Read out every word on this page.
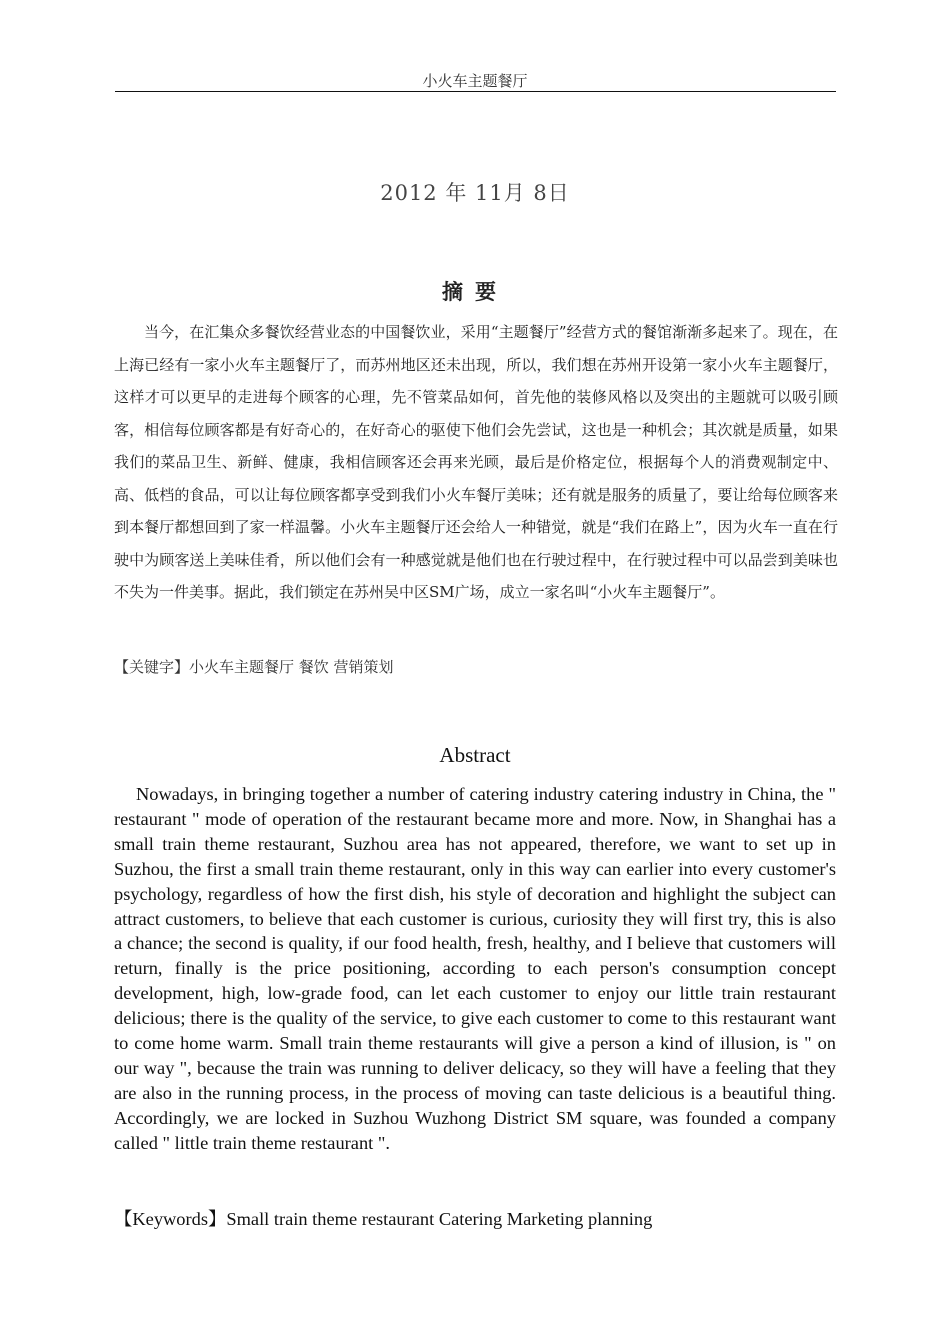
小火车主题餐厅
2012 年 11月 8日
摘要

当今，在汇集众多餐饮经营业态的中国餐饮业，采用“主题餐厅”经营方式的餐馆渐渐多起来了。现在，在上海已经有一家小火车主题餐厅了，而苏州地区还未出现，所以，我们想在苏州开设第一家小火车主题餐厅，这样才可以更早的走进每个顾客的心理，先不管菜品如何，首先他的装修风格以及突出的主题就可以吸引顾客，相信每位顾客都是有好奇心的，在好奇心的驱使下他们会先尝试，这也是一种机会；其次就是质量，如果我们的菜品卫生、新鲜、健康，我相信顾客还会再来光顾，最后是价格定位，根据每个人的消费观制定中、高、低档的食品，可以让每位顾客都享受到我们小火车餐厅美味；还有就是服务的质量了，要让给每位顾客来到本餐厅都想回到了家一样温馨。小火车主题餐厅还会给人一种错觉，就是“我们在路上”，因为火车一直在行驶中为顾客送上美味佳肴，所以他们会有一种感觉就是他们也在行驶过程中，在行驶过程中可以品尝到美味也不失为一件美事。据此，我们锁定在苏州吴中区SM广场，成立一家名叫“小火车主题餐厅”。

【关键字】小火车主题餐厅 餐饮 营销策划
Abstract

Nowadays, in bringing together a number of catering industry catering industry in China, the " restaurant " mode of operation of the restaurant became more and more. Now, in Shanghai has a small train theme restaurant, Suzhou area has not appeared, therefore, we want to set up in Suzhou, the first a small train theme restaurant, only in this way can earlier into every customer's psychology, regardless of how the first dish, his style of decoration and highlight the subject can attract customers, to believe that each customer is curious, curiosity they will first try, this is also a chance; the second is quality, if our food health, fresh, healthy, and I believe that customers will return, finally is the price positioning, according to each person's consumption concept development, high, low-grade food, can let each customer to enjoy our little train restaurant delicious; there is the quality of the service, to give each customer to come to this restaurant want to come home warm. Small train theme restaurants will give a person a kind of illusion, is " on our way ", because the train was running to deliver delicacy, so they will have a feeling that they are also in the running process, in the process of moving can taste delicious is a beautiful thing. Accordingly, we are locked in Suzhou Wuzhong District SM square, was founded a company called " little train theme restaurant ".

【Keywords】Small train theme restaurant Catering Marketing planning
